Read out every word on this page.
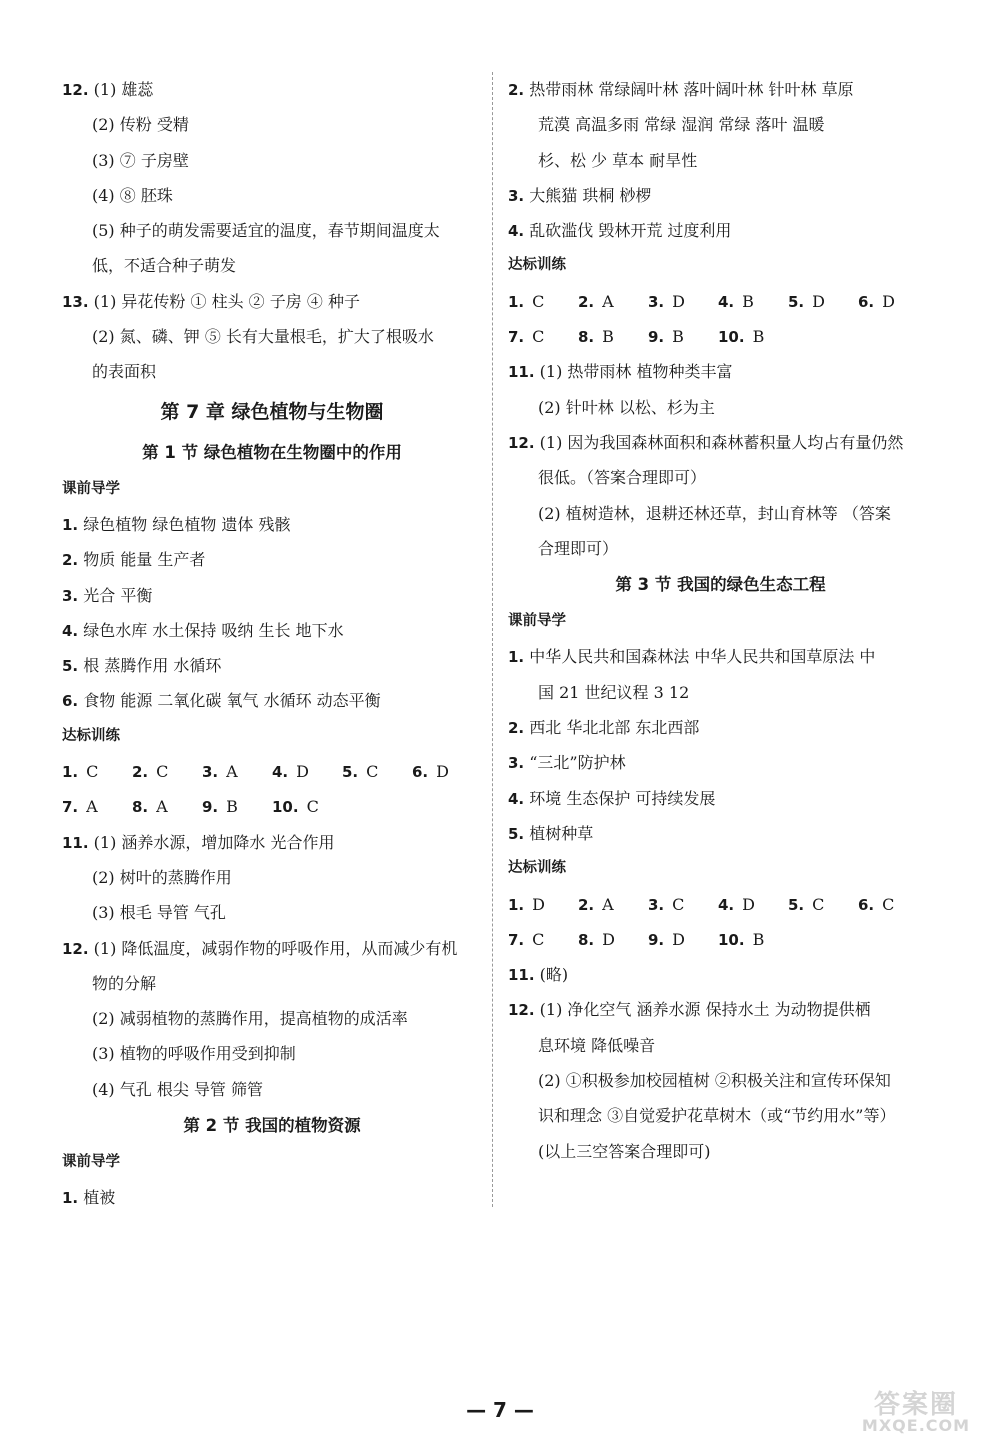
12. (1) 雄蕊
(2) 传粉 受精
(3) ⑦ 子房壁
(4) ⑧ 胚珠
(5) 种子的萌发需要适宜的温度，春节期间温度太
低，不适合种子萌发
13. (1) 异花传粉 ① 柱头 ② 子房 ④ 种子
(2) 氮、磷、钾 ⑤ 长有大量根毛，扩大了根吸水
的表面积
第 7 章 绿色植物与生物圈
第 1 节 绿色植物在生物圈中的作用
课前导学
1. 绿色植物 绿色植物 遗体 残骸
2. 物质 能量 生产者
3. 光合 平衡
4. 绿色水库 水土保持 吸纳 生长 地下水
5. 根 蒸腾作用 水循环
6. 食物 能源 二氧化碳 氧气 水循环 动态平衡
达标训练
1. C	2. C	3. A	4. D	5. C	6. D
7. A	8. A	9. B	10. C
11. (1) 涵养水源，增加降水 光合作用
(2) 树叶的蒸腾作用
(3) 根毛 导管 气孔
12. (1) 降低温度，减弱作物的呼吸作用，从而减少有机
物的分解
(2) 减弱植物的蒸腾作用，提高植物的成活率
(3) 植物的呼吸作用受到抑制
(4) 气孔 根尖 导管 筛管
第 2 节 我国的植物资源
课前导学
1. 植被
2. 热带雨林 常绿阔叶林 落叶阔叶林 针叶林 草原
荒漠 高温多雨 常绿 湿润 常绿 落叶 温暖
杉、松 少 草本 耐旱性
3. 大熊猫 珙桐 桫椤
4. 乱砍滥伐 毁林开荒 过度利用
达标训练
1. C	2. A	3. D	4. B	5. D	6. D
7. C	8. B	9. B	10. B
11. (1) 热带雨林 植物种类丰富
(2) 针叶林 以松、杉为主
12. (1) 因为我国森林面积和森林蓄积量人均占有量仍然
很低。（答案合理即可）
(2) 植树造林，退耕还林还草，封山育林等 （答案
合理即可）
第 3 节 我国的绿色生态工程
课前导学
1. 中华人民共和国森林法 中华人民共和国草原法 中
国 21 世纪议程 3 12
2. 西北 华北北部 东北西部
3. “三北”防护林
4. 环境 生态保护 可持续发展
5. 植树种草
达标训练
1. D	2. A	3. C	4. D	5. C	6. C
7. C	8. D	9. D	10. B
11. (略)
12. (1) 净化空气 涵养水源 保持水土 为动物提供栖
息环境 降低噪音
(2) ①积极参加校园植树 ②积极关注和宣传环保知
识和理念 ③自觉爱护花草树木（或“节约用水”等）
(以上三空答案合理即可)
— 7 —	答案圈
MXQE.COM
